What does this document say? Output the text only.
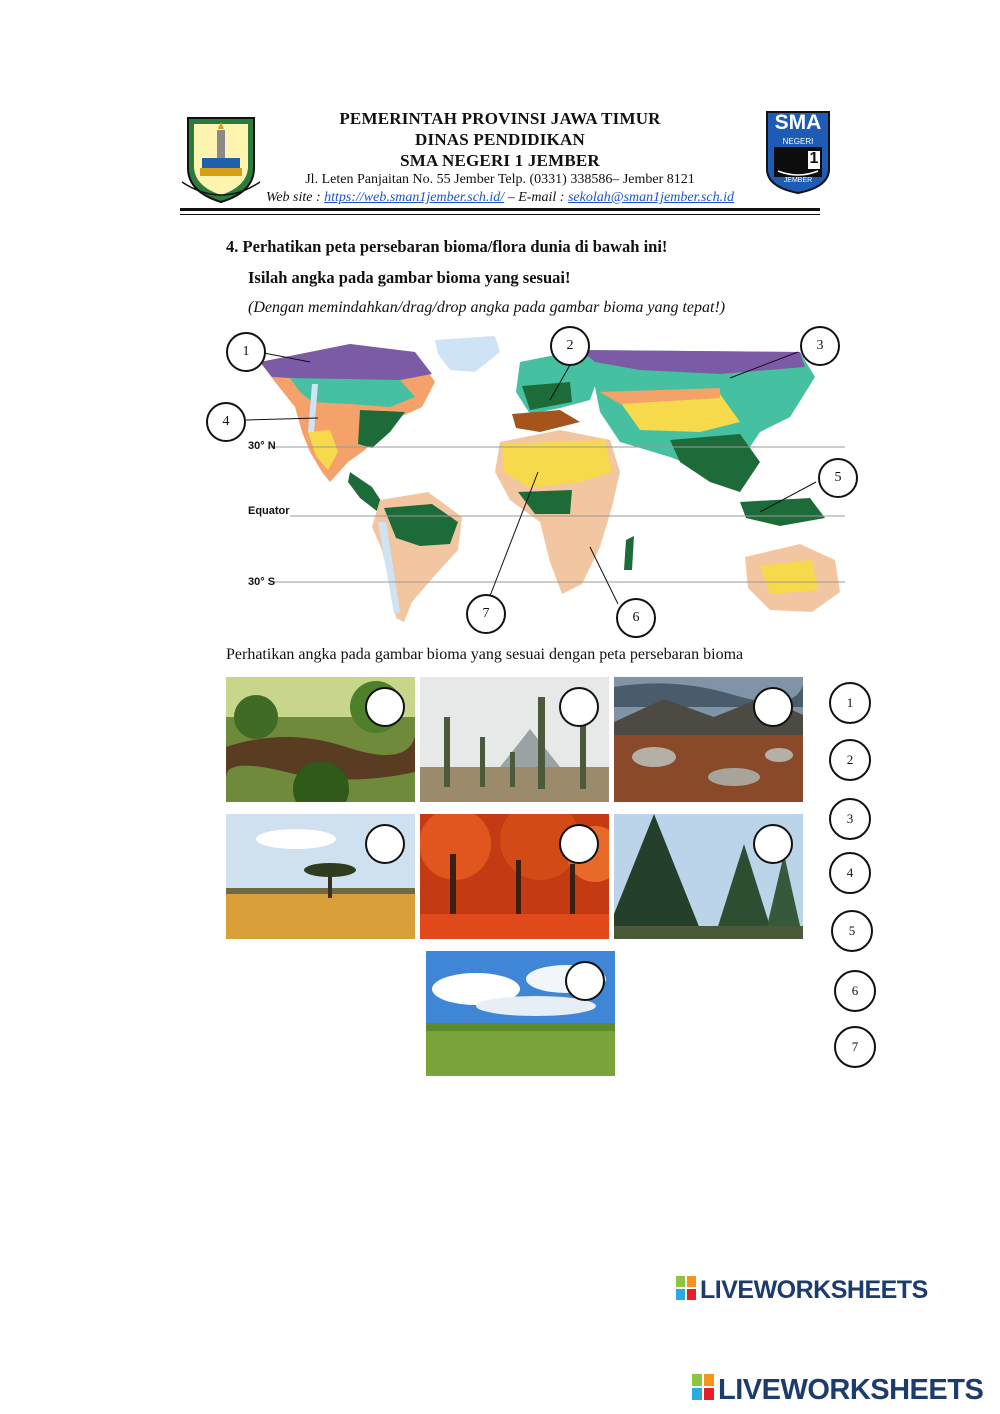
PEMERINTAH PROVINSI JAWA TIMUR
DINAS PENDIDIKAN
SMA NEGERI 1 JEMBER
Jl. Leten Panjaitan No. 55 Jember Telp. (0331) 338586– Jember 8121
Web site : https://web.sman1jember.sch.id/ – E-mail : sekolah@sman1jember.sch.id
SMA
NEGERI
1
JEMBER
4. Perhatikan peta persebaran bioma/flora dunia di bawah ini!
Isilah angka pada gambar bioma yang sesuai!
(Dengan memindahkan/drag/drop angka pada gambar bioma yang tepat!)
30° N
Equator
30° S
1	2	3
4
5
6
7
Perhatikan angka pada gambar bioma yang sesuai dengan peta persebaran bioma
1
2
3
4
5
6
7
LIVEWORKSHEETS
LIVEWORKSHEETS
